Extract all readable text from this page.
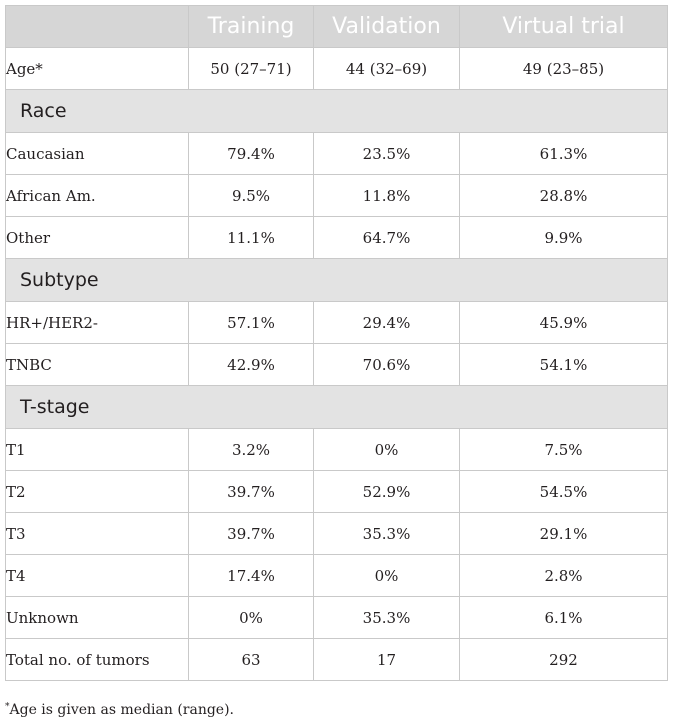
	Training	Validation	Virtual trial
Age*	50 (27–71)	44 (32–69)	49 (23–85)
Race			
Caucasian	79.4%	23.5%	61.3%
African Am.	9.5%	11.8%	28.8%
Other	11.1%	64.7%	9.9%
Subtype			
HR+/HER2-	57.1%	29.4%	45.9%
TNBC	42.9%	70.6%	54.1%
T-stage			
T1	3.2%	0%	7.5%
T2	39.7%	52.9%	54.5%
T3	39.7%	35.3%	29.1%
T4	17.4%	0%	2.8%
Unknown	0%	35.3%	6.1%
Total no. of tumors	63	17	292
*Age is given as median (range).
